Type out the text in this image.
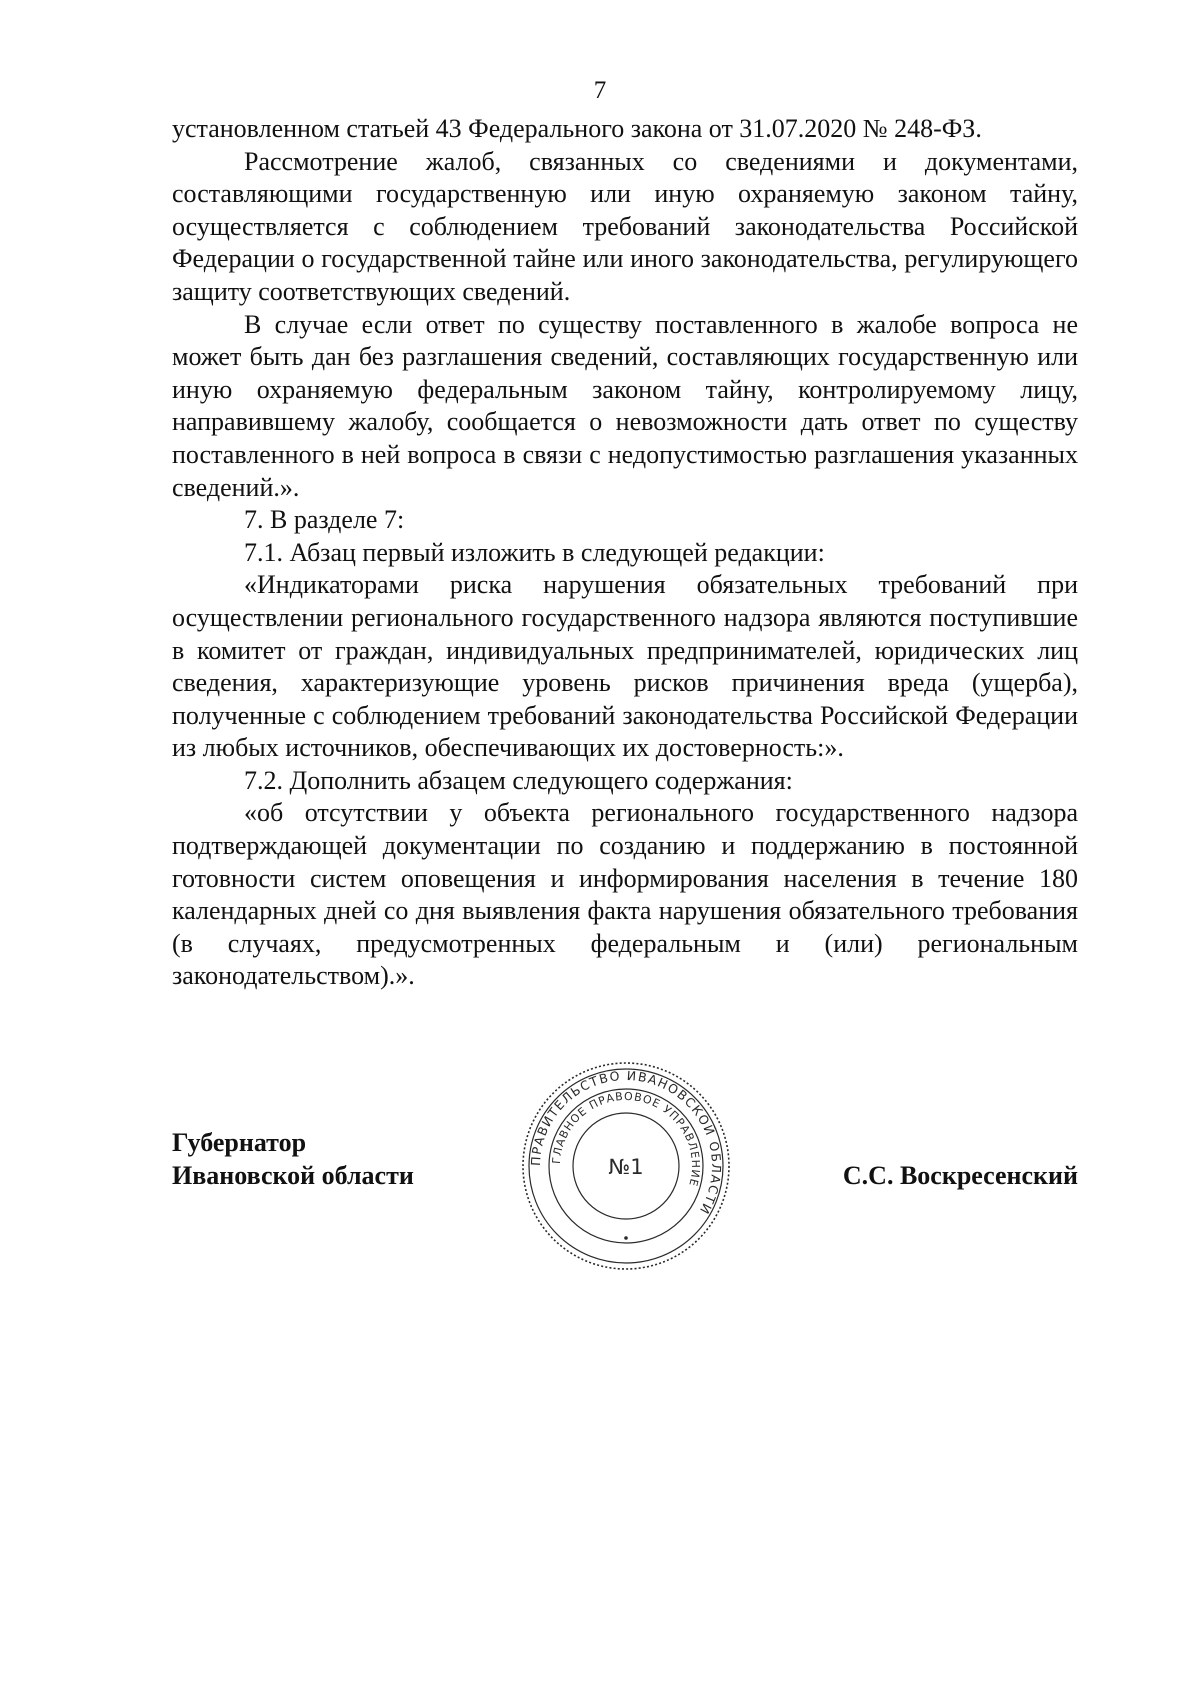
7

установленном статьей 43 Федерального закона от 31.07.2020 № 248-ФЗ.

Рассмотрение жалоб, связанных со сведениями и документами, составляющими государственную или иную охраняемую законом тайну, осуществляется с соблюдением требований законодательства Российской Федерации о государственной тайне или иного законодательства, регулирующего защиту соответствующих сведений.

В случае если ответ по существу поставленного в жалобе вопроса не может быть дан без разглашения сведений, составляющих государственную или иную охраняемую федеральным законом тайну, контролируемому лицу, направившему жалобу, сообщается о невозможности дать ответ по существу поставленного в ней вопроса в связи с недопустимостью разглашения указанных сведений.».

7. В разделе 7:

7.1. Абзац первый изложить в следующей редакции:

«Индикаторами риска нарушения обязательных требований при осуществлении регионального государственного надзора являются поступившие в комитет от граждан, индивидуальных предпринимателей, юридических лиц сведения, характеризующие уровень рисков причинения вреда (ущерба), полученные с соблюдением требований законодательства Российской Федерации из любых источников, обеспечивающих их достоверность:».

7.2. Дополнить абзацем следующего содержания:

«об отсутствии у объекта регионального государственного надзора подтверждающей документации по созданию и поддержанию в постоянной готовности систем оповещения и информирования населения в течение 180 календарных дней со дня выявления факта нарушения обязательного требования (в случаях, предусмотренных федеральным и (или) региональным законодательством).».

Губернатор
Ивановской области	С.С. Воскресенский
ПРАВИТЕЛЬСТВО ИВАНОВСКОЙ ОБЛАСТИ
ГЛАВНОЕ ПРАВОВОЕ УПРАВЛЕНИЕ
№1
